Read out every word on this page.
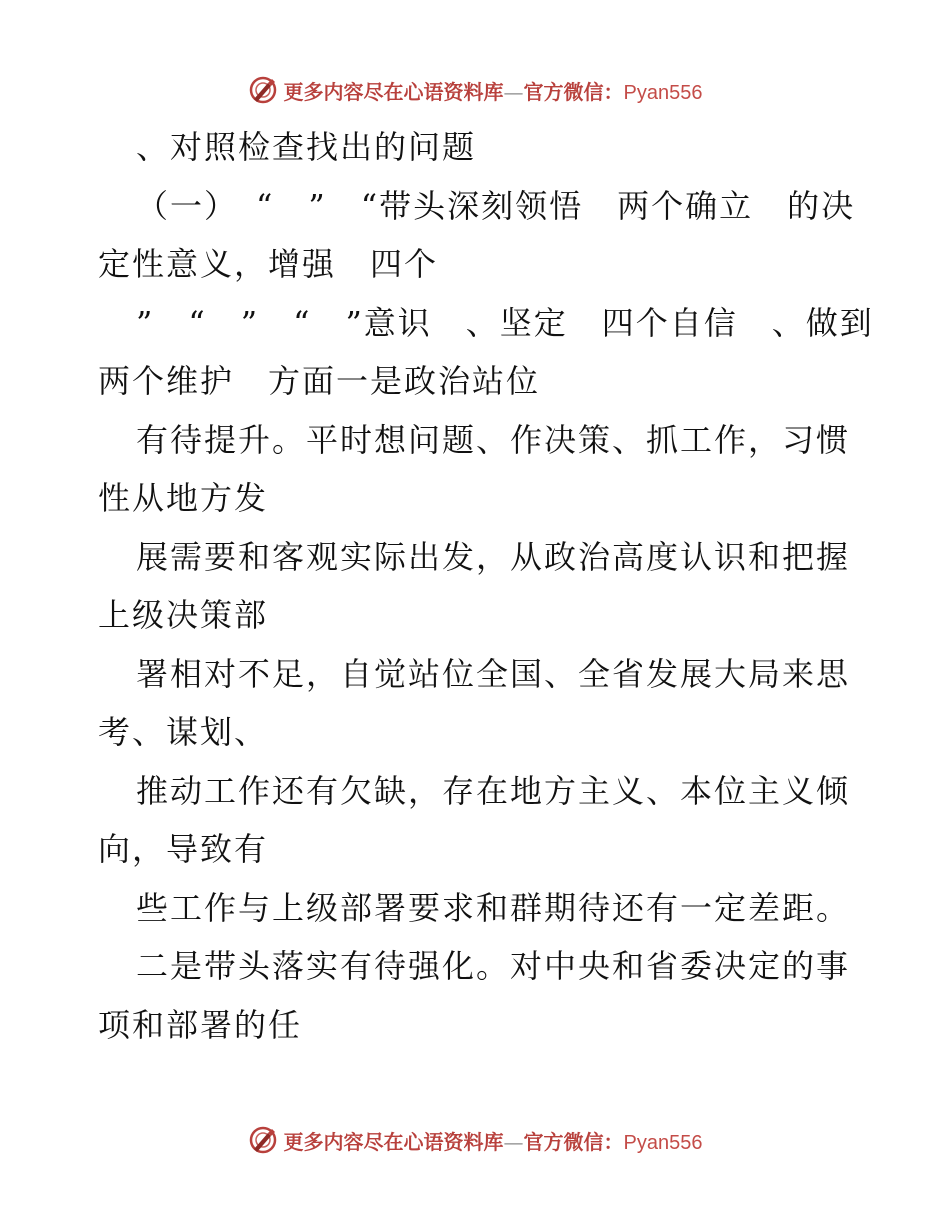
更多内容尽在心语资料库—官方微信：Pyan556
、对照检查找出的问题
（一）　“　”　“带头深刻领悟　两个确立　的决
定性意义，增强　四个
”　“　”　“　”意识　、坚定　四个自信　、做到
两个维护　方面一是政治站位
有待提升。平时想问题、作决策、抓工作，习惯
性从地方发
展需要和客观实际出发，从政治高度认识和把握
上级决策部
署相对不足，自觉站位全国、全省发展大局来思
考、谋划、
推动工作还有欠缺，存在地方主义、本位主义倾
向，导致有
些工作与上级部署要求和群期待还有一定差距。
二是带头落实有待强化。对中央和省委决定的事
项和部署的任
更多内容尽在心语资料库—官方微信：Pyan556
